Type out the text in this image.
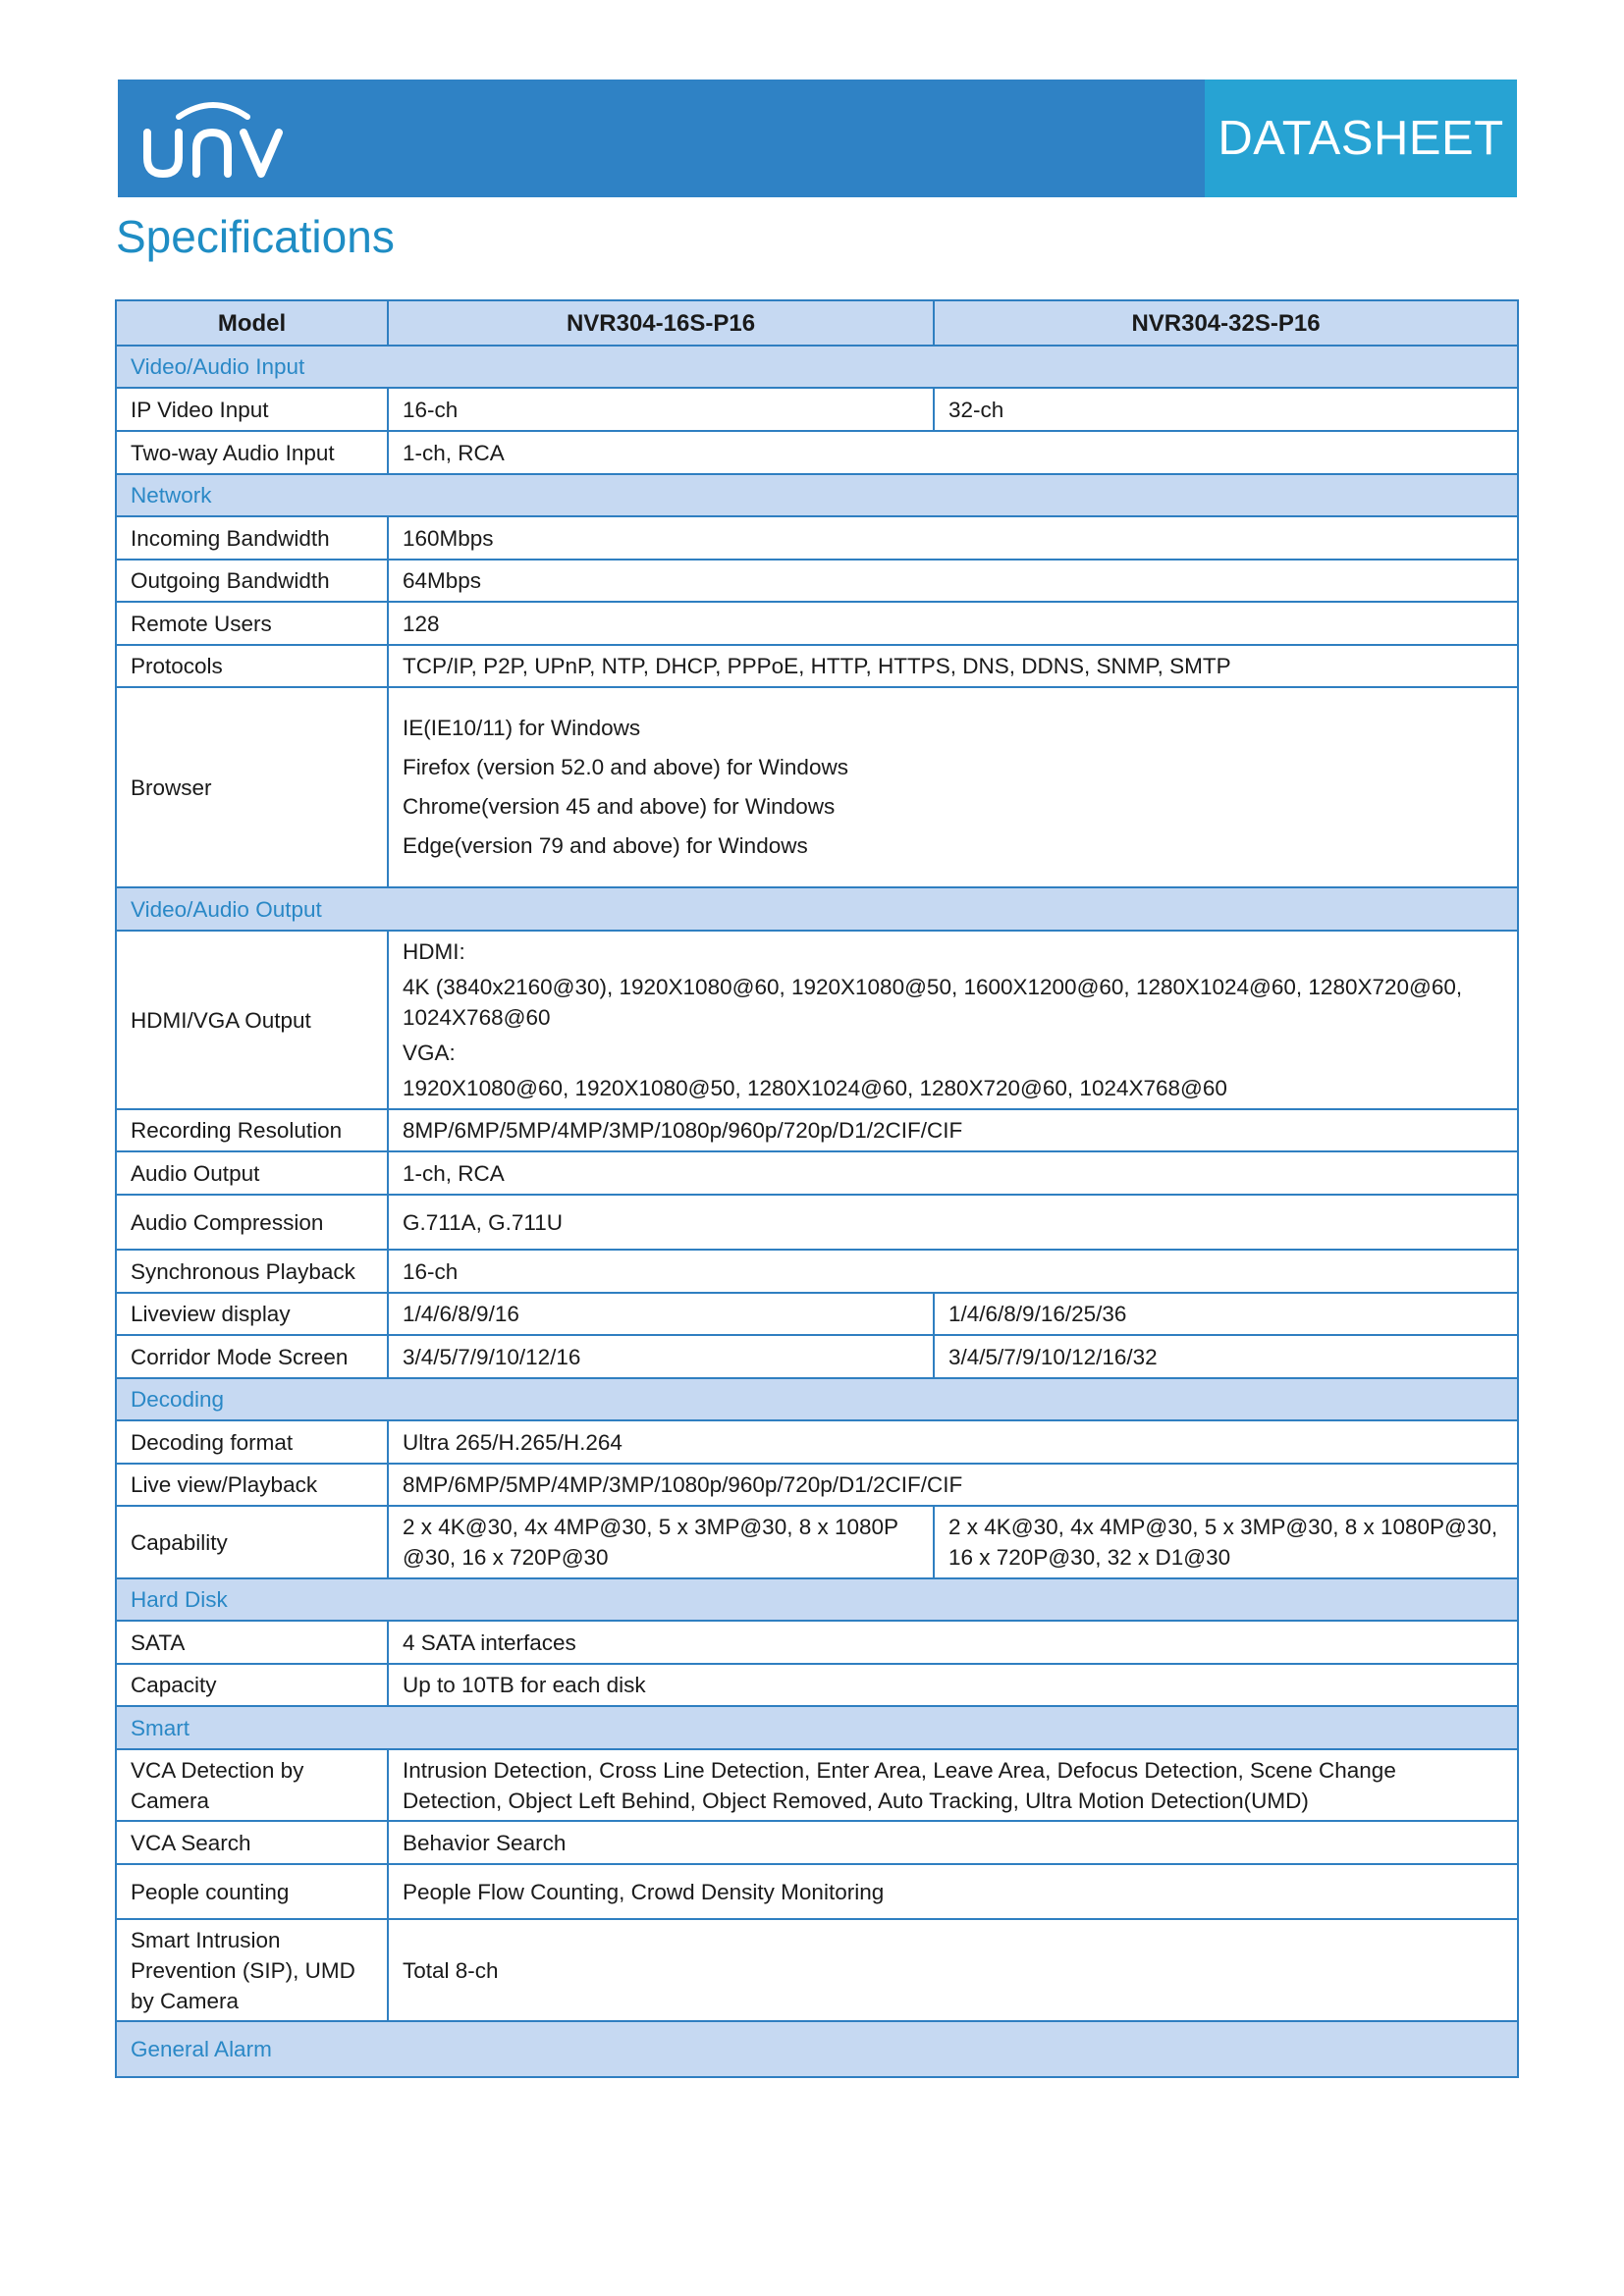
DATASHEET
Specifications
Model	NVR304-16S-P16	NVR304-32S-P16
Video/Audio Input		
IP Video Input	16-ch	32-ch
Two-way Audio Input	1-ch, RCA	
Network		
Incoming Bandwidth	160Mbps	
Outgoing Bandwidth	64Mbps	
Remote Users	128	
Protocols	TCP/IP, P2P, UPnP, NTP, DHCP, PPPoE, HTTP, HTTPS, DNS, DDNS, SNMP, SMTP	
Browser	IE(IE10/11) for Windows
Firefox (version 52.0 and above) for Windows
Chrome(version 45 and above) for Windows
Edge(version 79 and above) for Windows	

Video/Audio Output		
HDMI/VGA Output	HDMI:
4K (3840x2160@30), 1920X1080@60, 1920X1080@50, 1600X1200@60, 1280X1024@60, 1280X720@60, 1024X768@60
VGA:
1920X1080@60, 1920X1080@50, 1280X1024@60, 1280X720@60, 1024X768@60	

Recording Resolution	8MP/6MP/5MP/4MP/3MP/1080p/960p/720p/D1/2CIF/CIF	
Audio Output	1-ch, RCA	
Audio Compression	G.711A, G.711U	
Synchronous Playback	16-ch	
Liveview display	1/4/6/8/9/16	1/4/6/8/9/16/25/36
Corridor Mode Screen	3/4/5/7/9/10/12/16	3/4/5/7/9/10/12/16/32
Decoding		
Decoding format	Ultra 265/H.265/H.264	
Live view/Playback	8MP/6MP/5MP/4MP/3MP/1080p/960p/720p/D1/2CIF/CIF	
Capability	2 x 4K@30, 4x 4MP@30, 5 x 3MP@30, 8 x 1080P @30, 16 x 720P@30	2 x 4K@30, 4x 4MP@30, 5 x 3MP@30, 8 x 1080P@30, 16 x 720P@30, 32 x D1@30
Hard Disk		
SATA	4 SATA interfaces	
Capacity	Up to 10TB for each disk	
Smart		
VCA Detection by Camera	Intrusion Detection, Cross Line Detection, Enter Area, Leave Area, Defocus Detection, Scene Change Detection, Object Left Behind, Object Removed, Auto Tracking, Ultra Motion Detection(UMD)	
VCA Search	Behavior Search	
People counting	People Flow Counting, Crowd Density Monitoring	
Smart Intrusion Prevention (SIP), UMD by Camera	Total 8-ch	
General Alarm		
